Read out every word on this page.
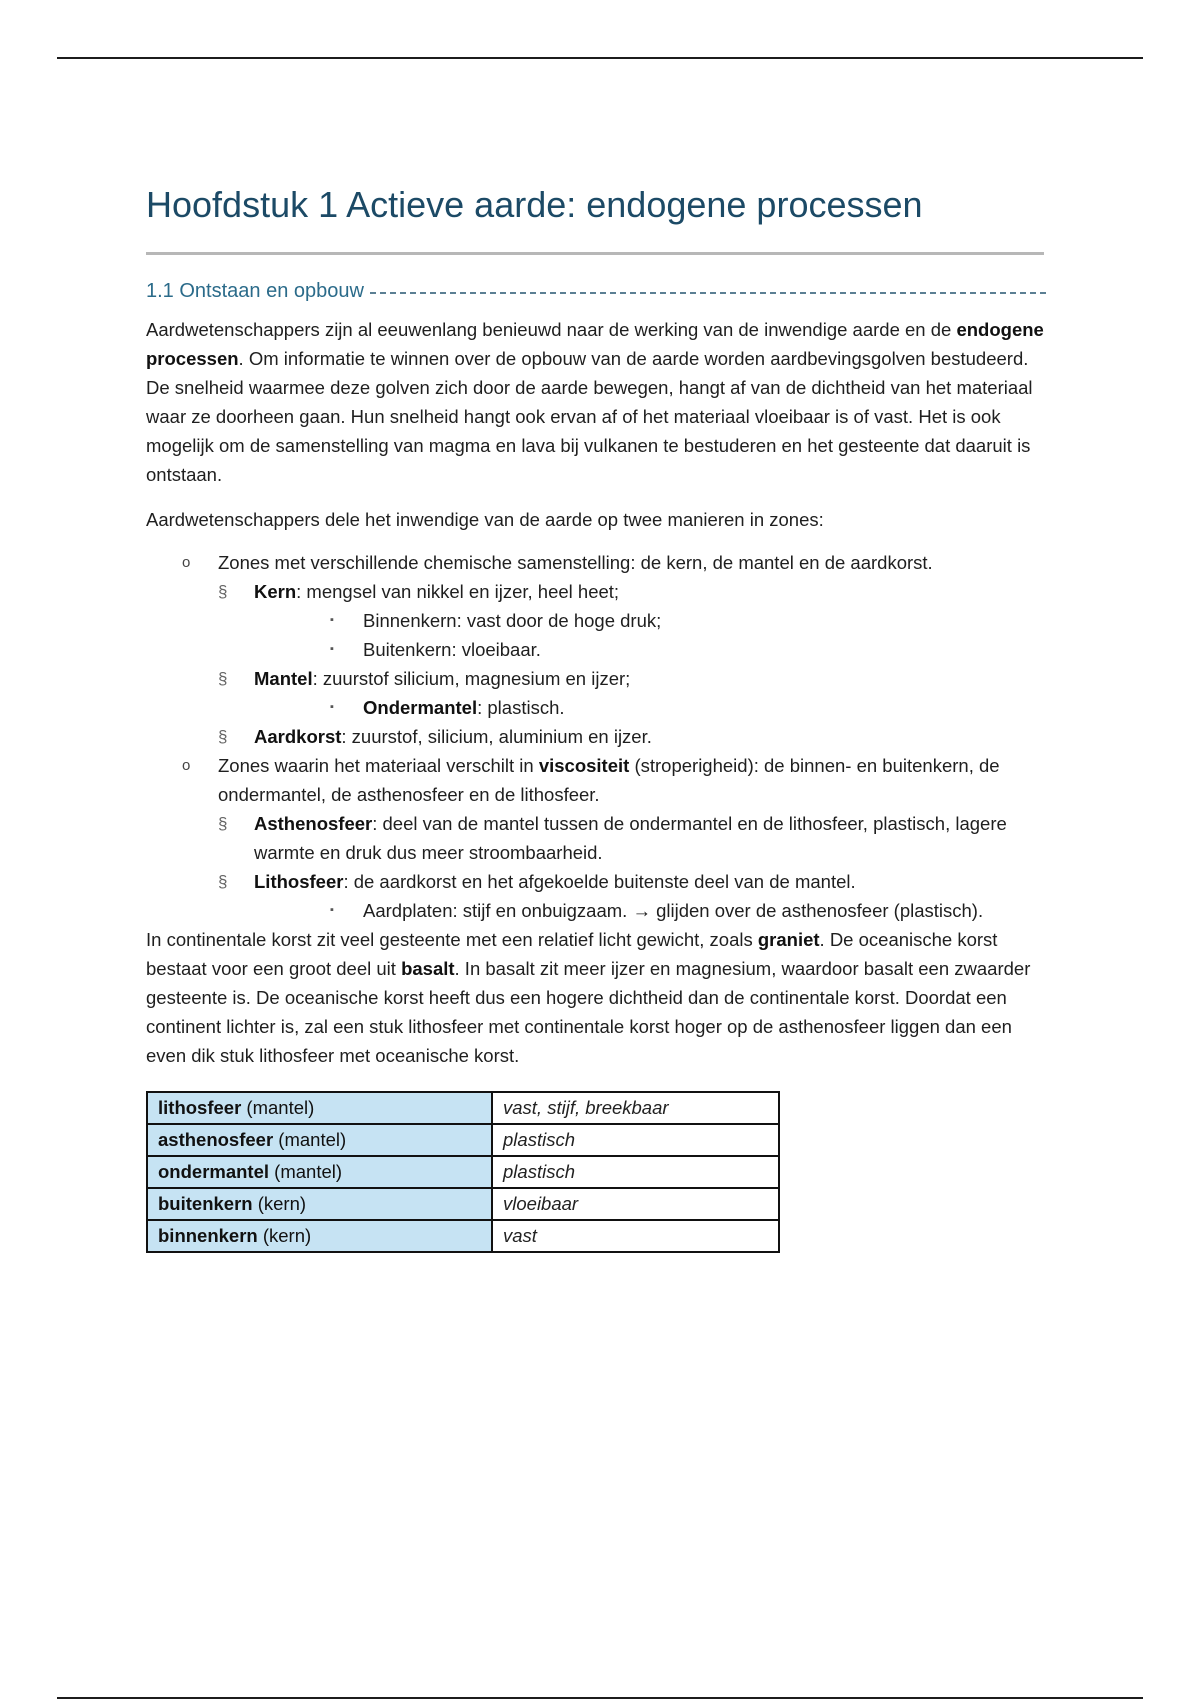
Hoofdstuk 1 Actieve aarde: endogene processen
1.1 Ontstaan en opbouw

Aardwetenschappers zijn al eeuwenlang benieuwd naar de werking van de inwendige aarde en de endogene processen. Om informatie te winnen over de opbouw van de aarde worden aardbevingsgolven bestudeerd. De snelheid waarmee deze golven zich door de aarde bewegen, hangt af van de dichtheid van het materiaal waar ze doorheen gaan. Hun snelheid hangt ook ervan af of het materiaal vloeibaar is of vast. Het is ook mogelijk om de samenstelling van magma en lava bij vulkanen te bestuderen en het gesteente dat daaruit is ontstaan.

Aardwetenschappers dele het inwendige van de aarde op twee manieren in zones:

o Zones met verschillende chemische samenstelling: de kern, de mantel en de aardkorst.
§ Kern: mengsel van nikkel en ijzer, heel heet;
▪ Binnenkern: vast door de hoge druk;
▪ Buitenkern: vloeibaar.
§ Mantel: zuurstof silicium, magnesium en ijzer;
▪ Ondermantel: plastisch.
§ Aardkorst: zuurstof, silicium, aluminium en ijzer.
o Zones waarin het materiaal verschilt in viscositeit (stroperigheid): de binnen- en buitenkern, de ondermantel, de asthenosfeer en de lithosfeer.
§ Asthenosfeer: deel van de mantel tussen de ondermantel en de lithosfeer, plastisch, lagere warmte en druk dus meer stroombaarheid.
§ Lithosfeer: de aardkorst en het afgekoelde buitenste deel van de mantel.
▪ Aardplaten: stijf en onbuigzaam. → glijden over de asthenosfeer (plastisch).

In continentale korst zit veel gesteente met een relatief licht gewicht, zoals graniet. De oceanische korst bestaat voor een groot deel uit basalt. In basalt zit meer ijzer en magnesium, waardoor basalt een zwaarder gesteente is. De oceanische korst heeft dus een hogere dichtheid dan de continentale korst. Doordat een continent lichter is, zal een stuk lithosfeer met continentale korst hoger op de asthenosfeer liggen dan een even dik stuk lithosfeer met oceanische korst.

lithosfeer (mantel)	vast, stijf, breekbaar
asthenosfeer (mantel)	plastisch
ondermantel (mantel)	plastisch
buitenkern (kern)	vloeibaar
binnenkern (kern)	vast
